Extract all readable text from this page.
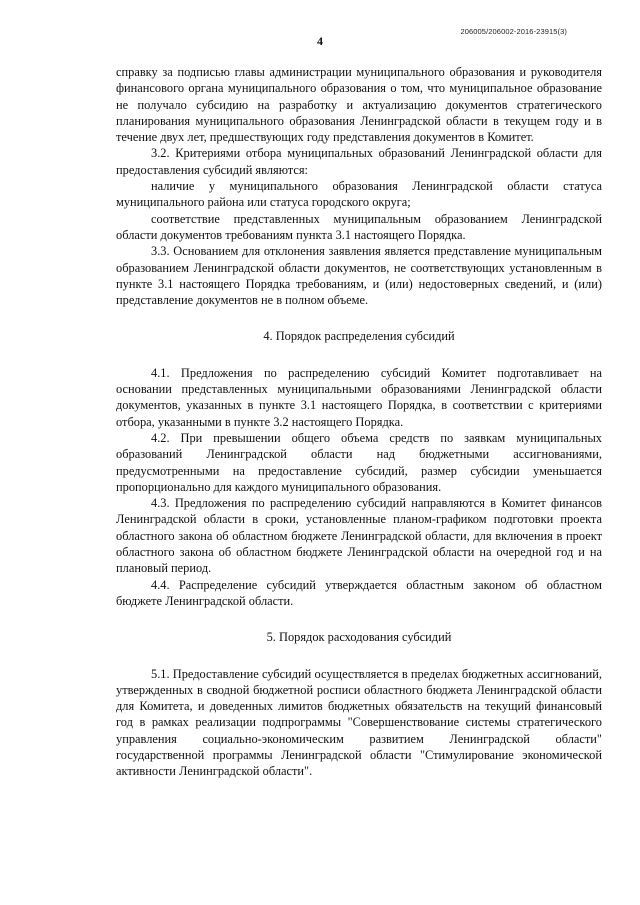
206005/206002-2016-23915(3)
4

справку за подписью главы администрации муниципального образования и руководителя финансового органа муниципального образования о том, что муниципальное образование не получало субсидию на разработку и актуализацию документов стратегического планирования муниципального образования Ленинградской области в текущем году и в течение двух лет, предшествующих году представления документов в Комитет.

3.2. Критериями отбора муниципальных образований Ленинградской области для предоставления субсидий являются:

наличие у муниципального образования Ленинградской области статуса муниципального района или статуса городского округа;

соответствие представленных муниципальным образованием Ленинградской области документов требованиям пункта 3.1 настоящего Порядка.

3.3. Основанием для отклонения заявления является представление муниципальным образованием Ленинградской области документов, не соответствующих установленным в пункте 3.1 настоящего Порядка требованиям, и (или) недостоверных сведений, и (или) представление документов не в полном объеме.

4. Порядок распределения субсидий

4.1. Предложения по распределению субсидий Комитет подготавливает на основании представленных муниципальными образованиями Ленинградской области документов, указанных в пункте 3.1 настоящего Порядка, в соответствии с критериями отбора, указанными в пункте 3.2 настоящего Порядка.

4.2. При превышении общего объема средств по заявкам муниципальных образований Ленинградской области над бюджетными ассигнованиями, предусмотренными на предоставление субсидий, размер субсидии уменьшается пропорционально для каждого муниципального образования.

4.3. Предложения по распределению субсидий направляются в Комитет финансов Ленинградской области в сроки, установленные планом-графиком подготовки проекта областного закона об областном бюджете Ленинградской области, для включения в проект областного закона об областном бюджете Ленинградской области на очередной год и на плановый период.

4.4. Распределение субсидий утверждается областным законом об областном бюджете Ленинградской области.

5. Порядок расходования субсидий

5.1. Предоставление субсидий осуществляется в пределах бюджетных ассигнований, утвержденных в сводной бюджетной росписи областного бюджета Ленинградской области для Комитета, и доведенных лимитов бюджетных обязательств на текущий финансовый год в рамках реализации подпрограммы "Совершенствование системы стратегического управления социально-экономическим развитием Ленинградской области" государственной программы Ленинградской области "Стимулирование экономической активности Ленинградской области".
